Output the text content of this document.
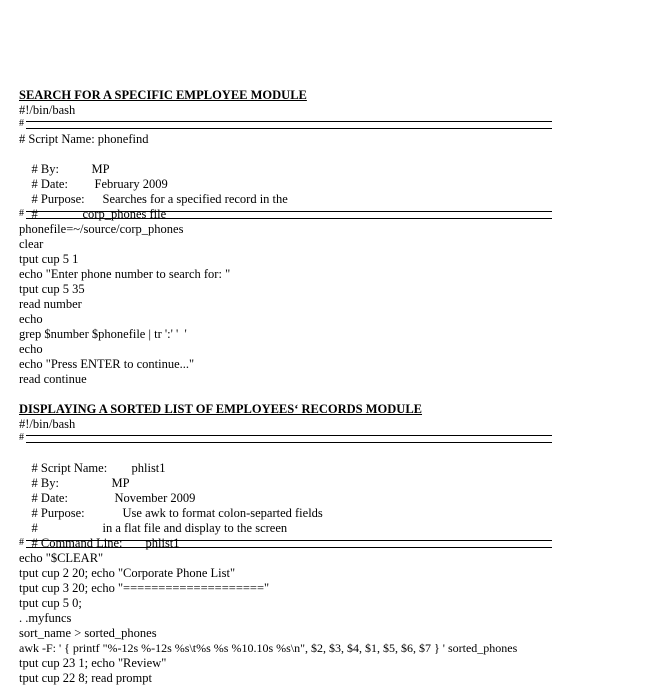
SEARCH FOR A SPECIFIC EMPLOYEE MODULE
#!/bin/bash
#
# Script Name: phonefind

# By:	MP

# Date: February 2009

# Purpose: Searches for a specified record in the

#	corp_phones file

#
phonefile=~/source/corp_phones
clear
tput cup 5 1
echo "Enter phone number to search for: "
tput cup 5 35
read number
echo
grep $number $phonefile | tr ':' '  '
echo
echo "Press ENTER to continue..."
read continue
DISPLAYING A SORTED LIST OF EMPLOYEES‘ RECORDS MODULE
#!/bin/bash
#

# Script Name: phlist1

# By:	MP

# Date:	November 2009

# Purpose:	Use awk to format colon-separted fields

#	in a flat file and display to the screen

# Command Line: phlist1

#
echo "$CLEAR"
tput cup 2 20; echo "Corporate Phone List"
tput cup 3 20; echo "===================="
tput cup 5 0;
. .myfuncs
sort_name > sorted_phones
awk -F: ' { printf "%-12s %-12s %s\t%s %s %10.10s %s\n", $2, $3, $4, $1, $5, $6, $7 } ' sorted_phones
tput cup 23 1; echo "Review"
tput cup 22 8; read prompt
